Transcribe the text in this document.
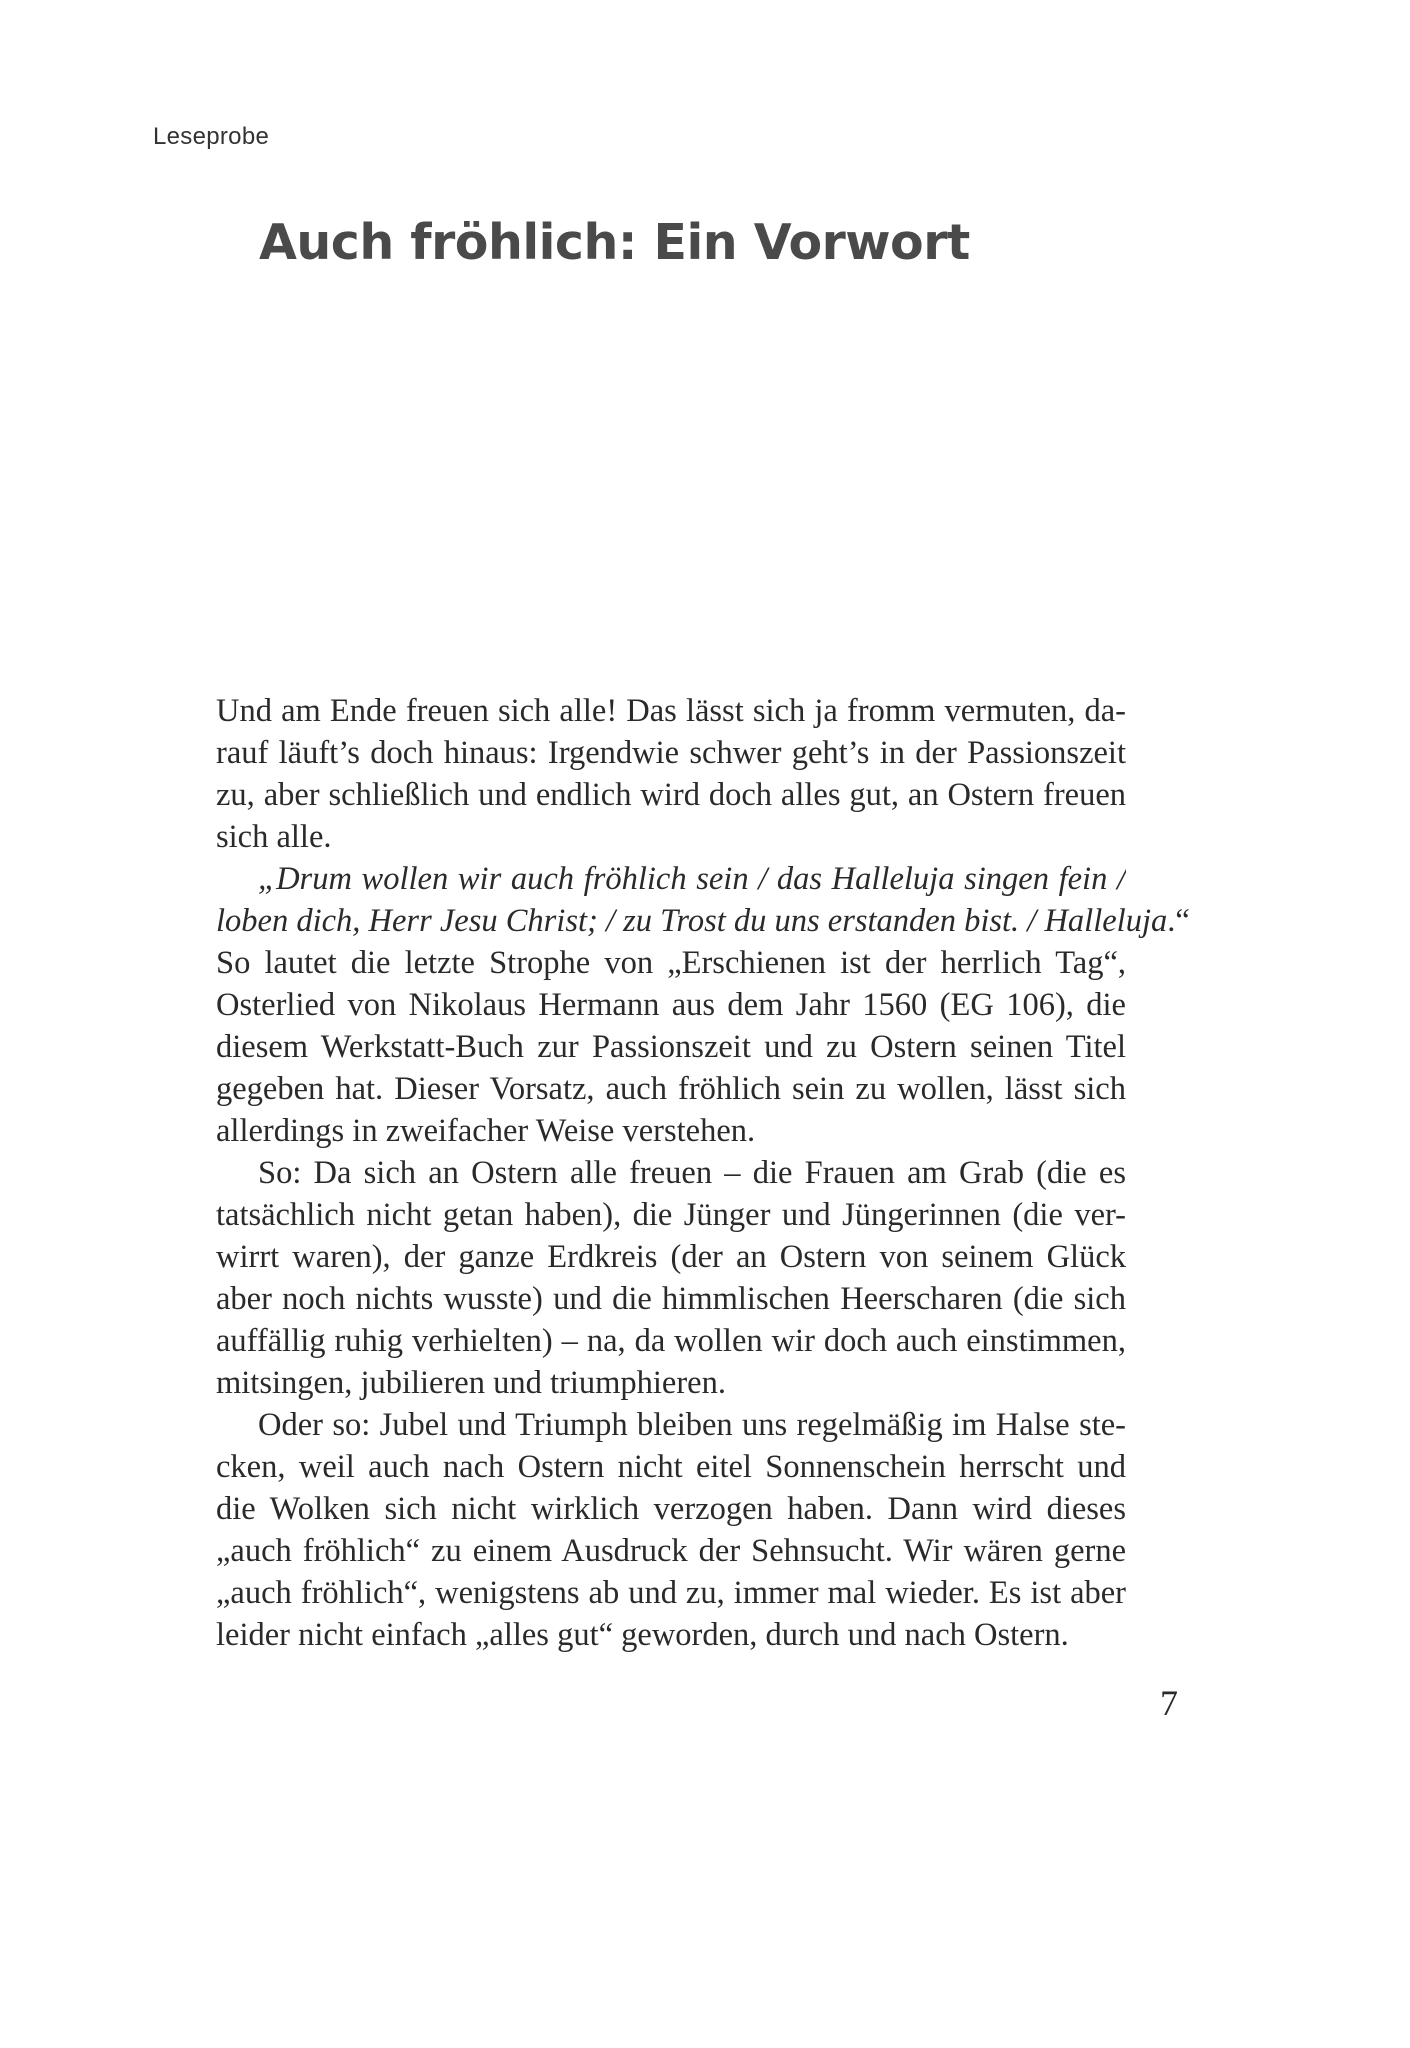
Leseprobe
Auch fröhlich: Ein Vorwort
Und am Ende freuen sich alle! Das lässt sich ja fromm vermuten, da-
rauf läuft’s doch hinaus: Irgendwie schwer geht’s in der Passionszeit
zu, aber schließlich und endlich wird doch alles gut, an Ostern freuen
sich alle.
„Drum wollen wir auch fröhlich sein / das Halleluja singen fein /
loben dich, Herr Jesu Christ; / zu Trost du uns erstanden bist. / Halleluja.“
So lautet die letzte Strophe von „Erschienen ist der herrlich Tag“,
Osterlied von Nikolaus Hermann aus dem Jahr 1560 (EG 106), die
diesem Werkstatt-Buch zur Passionszeit und zu Ostern seinen Titel
gegeben hat. Dieser Vorsatz, auch fröhlich sein zu wollen, lässt sich
allerdings in zweifacher Weise verstehen.
So: Da sich an Ostern alle freuen – die Frauen am Grab (die es
tatsächlich nicht getan haben), die Jünger und Jüngerinnen (die ver-
wirrt waren), der ganze Erdkreis (der an Ostern von seinem Glück
aber noch nichts wusste) und die himmlischen Heerscharen (die sich
auffällig ruhig verhielten) – na, da wollen wir doch auch einstimmen,
mitsingen, jubilieren und triumphieren.
Oder so: Jubel und Triumph bleiben uns regelmäßig im Halse ste-
cken, weil auch nach Ostern nicht eitel Sonnenschein herrscht und
die Wolken sich nicht wirklich verzogen haben. Dann wird dieses
„auch fröhlich“ zu einem Ausdruck der Sehnsucht. Wir wären gerne
„auch fröhlich“, wenigstens ab und zu, immer mal wieder. Es ist aber
leider nicht einfach „alles gut“ geworden, durch und nach Ostern.
7
